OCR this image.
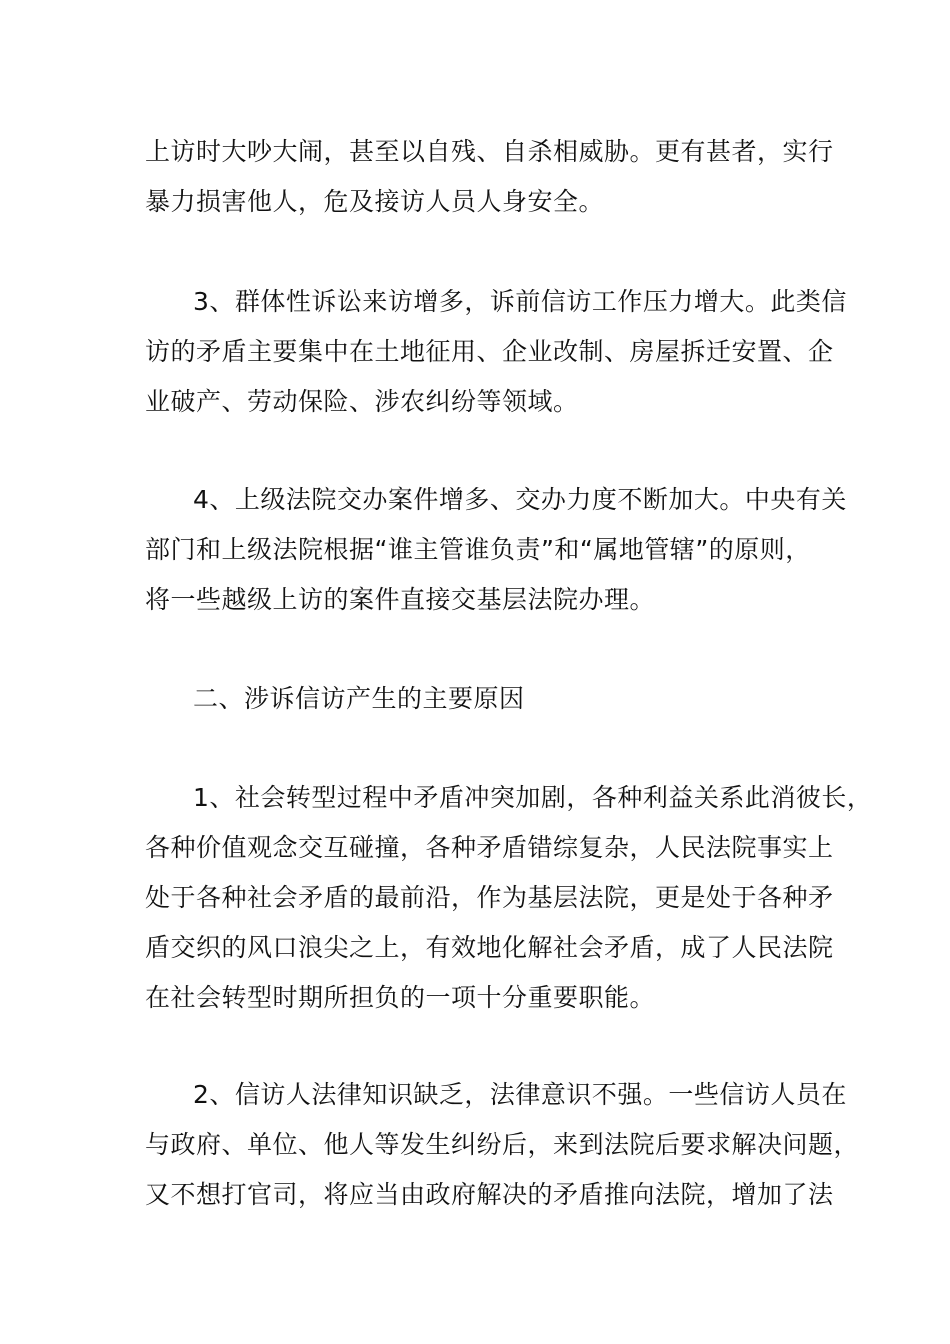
上访时大吵大闹，甚至以自残、自杀相威胁。更有甚者，实行
暴力损害他人，危及接访人员人身安全。
3、群体性诉讼来访增多，诉前信访工作压力增大。此类信
访的矛盾主要集中在土地征用、企业改制、房屋拆迁安置、企
业破产、劳动保险、涉农纠纷等领域。
4、上级法院交办案件增多、交办力度不断加大。中央有关
部门和上级法院根据“谁主管谁负责”和“属地管辖”的原则，
将一些越级上访的案件直接交基层法院办理。
二、涉诉信访产生的主要原因
1、社会转型过程中矛盾冲突加剧，各种利益关系此消彼长，
各种价值观念交互碰撞，各种矛盾错综复杂，人民法院事实上
处于各种社会矛盾的最前沿，作为基层法院，更是处于各种矛
盾交织的风口浪尖之上，有效地化解社会矛盾，成了人民法院
在社会转型时期所担负的一项十分重要职能。
2、信访人法律知识缺乏，法律意识不强。一些信访人员在
与政府、单位、他人等发生纠纷后，来到法院后要求解决问题，
又不想打官司，将应当由政府解决的矛盾推向法院，增加了法
